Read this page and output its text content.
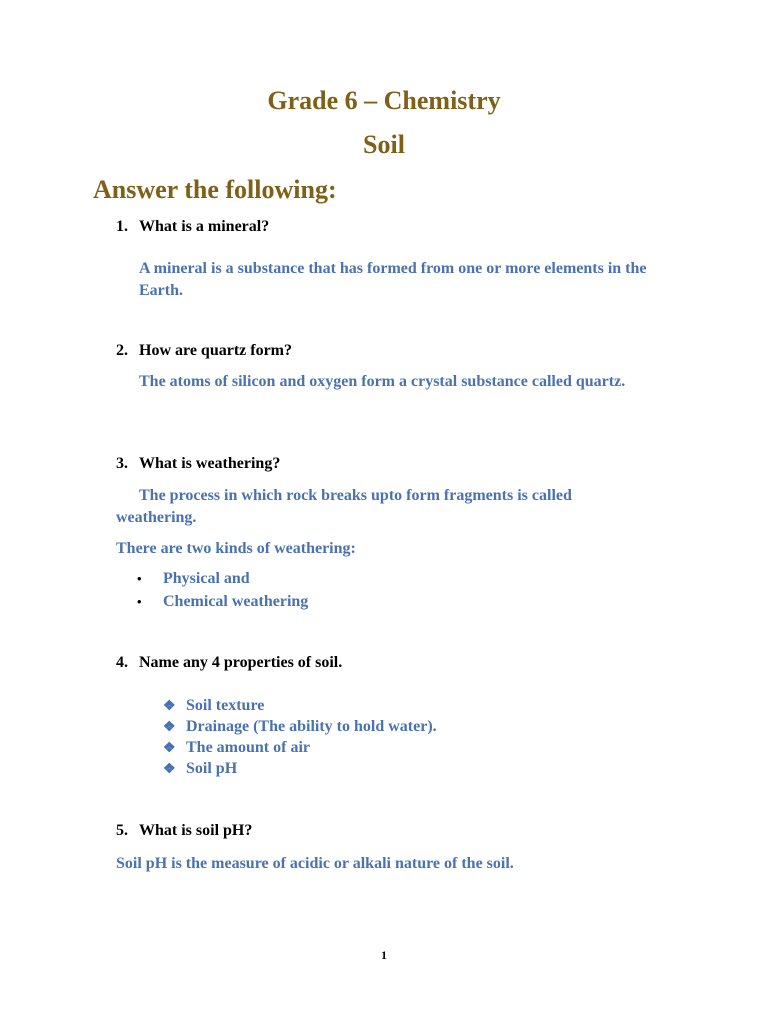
Grade 6 – Chemistry
Soil
Answer the following:
1. What is a mineral?
A mineral is a substance that has formed from one or more elements in the Earth.
2. How are quartz form?
The atoms of silicon and oxygen form a crystal substance called quartz.
3. What is weathering?
The process in which rock breaks upto form fragments is called weathering.
There are two kinds of weathering:
• Physical and
• Chemical weathering
4. Name any 4 properties of soil.
❖ Soil texture
❖ Drainage (The ability to hold water).
❖ The amount of air
❖ Soil pH
5. What is soil pH?
Soil pH is the measure of acidic or alkali nature of the soil.
1
